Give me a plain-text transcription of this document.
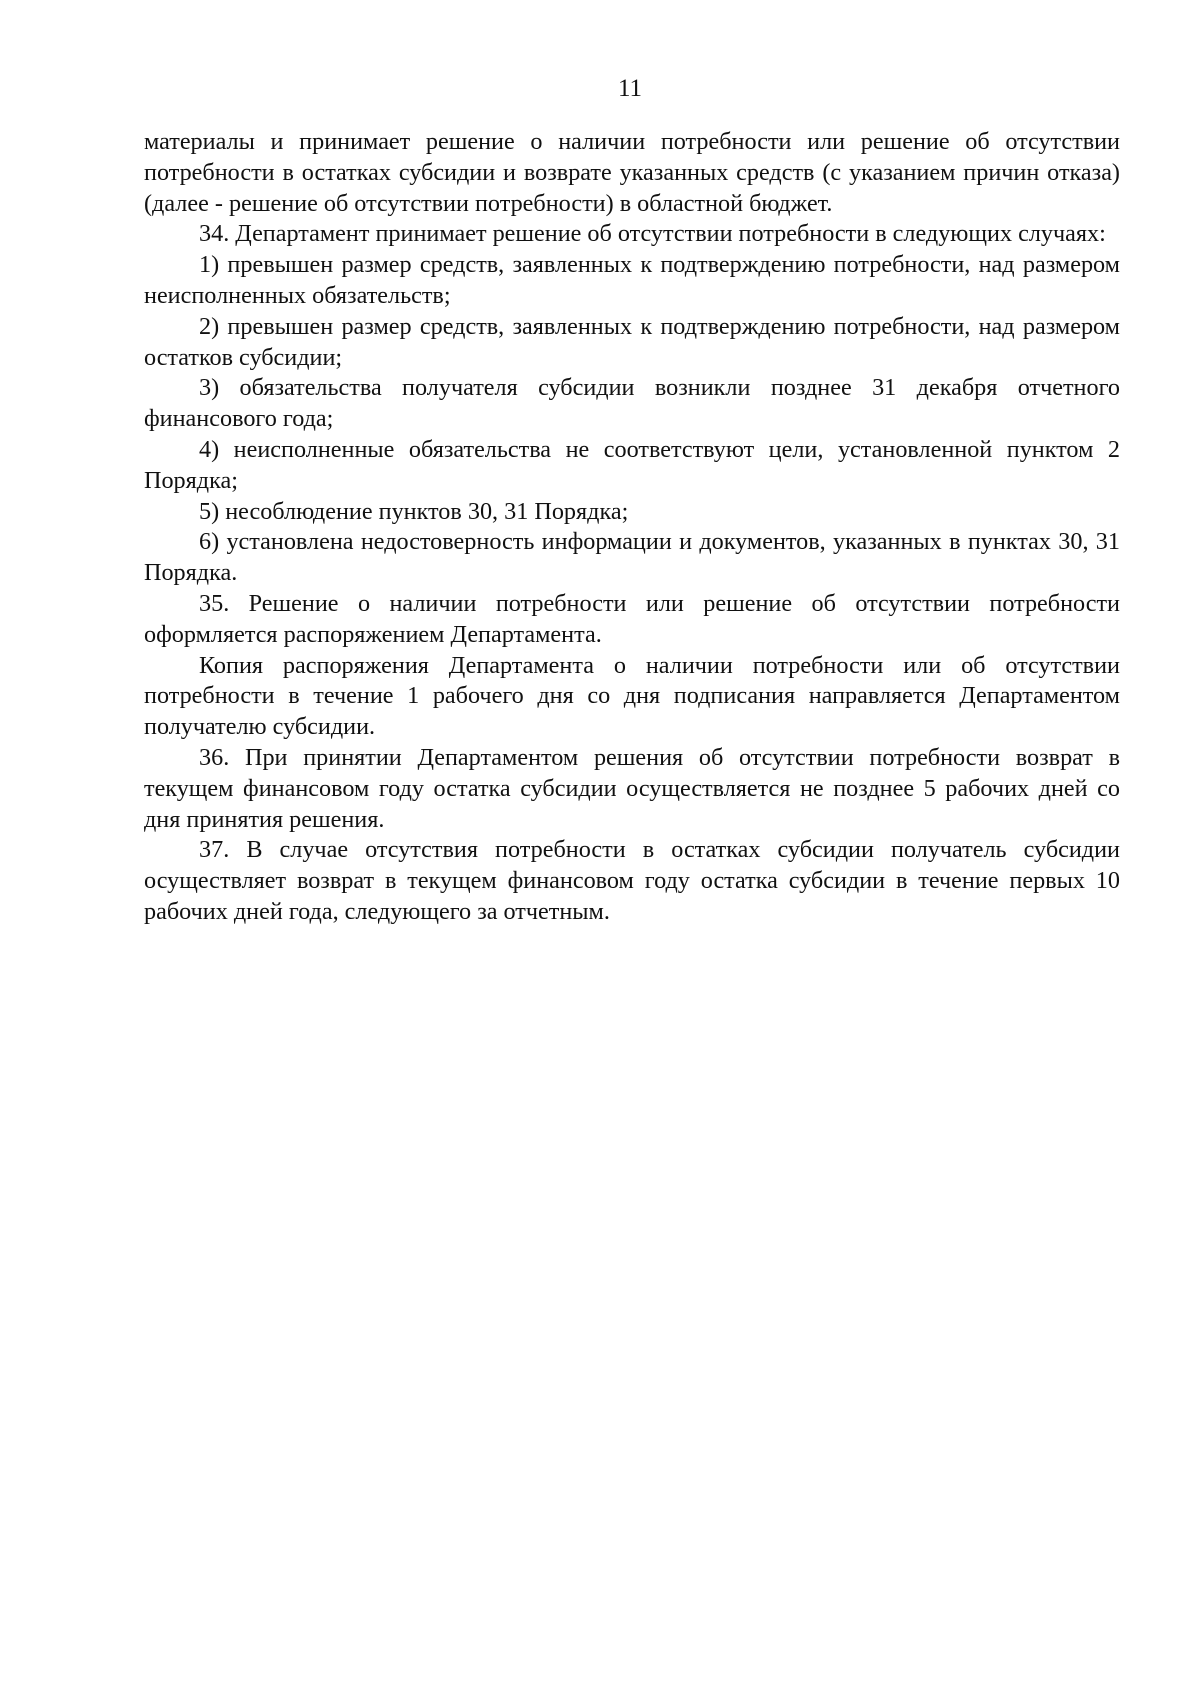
11

материалы и принимает решение о наличии потребности или решение об отсутствии потребности в остатках субсидии и возврате указанных средств (с указанием причин отказа) (далее - решение об отсутствии потребности) в областной бюджет.

34. Департамент принимает решение об отсутствии потребности в следующих случаях:

1) превышен размер средств, заявленных к подтверждению потребности, над размером неисполненных обязательств;

2) превышен размер средств, заявленных к подтверждению потребности, над размером остатков субсидии;

3) обязательства получателя субсидии возникли позднее 31 декабря отчетного финансового года;

4) неисполненные обязательства не соответствуют цели, установленной пунктом 2 Порядка;

5) несоблюдение пунктов 30, 31 Порядка;

6) установлена недостоверность информации и документов, указанных в пунктах 30, 31 Порядка.

35. Решение о наличии потребности или решение об отсутствии потребности оформляется распоряжением Департамента.

Копия распоряжения Департамента о наличии потребности или об отсутствии потребности в течение 1 рабочего дня со дня подписания направляется Департаментом получателю субсидии.

36. При принятии Департаментом решения об отсутствии потребности возврат в текущем финансовом году остатка субсидии осуществляется не позднее 5 рабочих дней со дня принятия решения.

37. В случае отсутствия потребности в остатках субсидии получатель субсидии осуществляет возврат в текущем финансовом году остатка субсидии в течение первых 10 рабочих дней года, следующего за отчетным.
